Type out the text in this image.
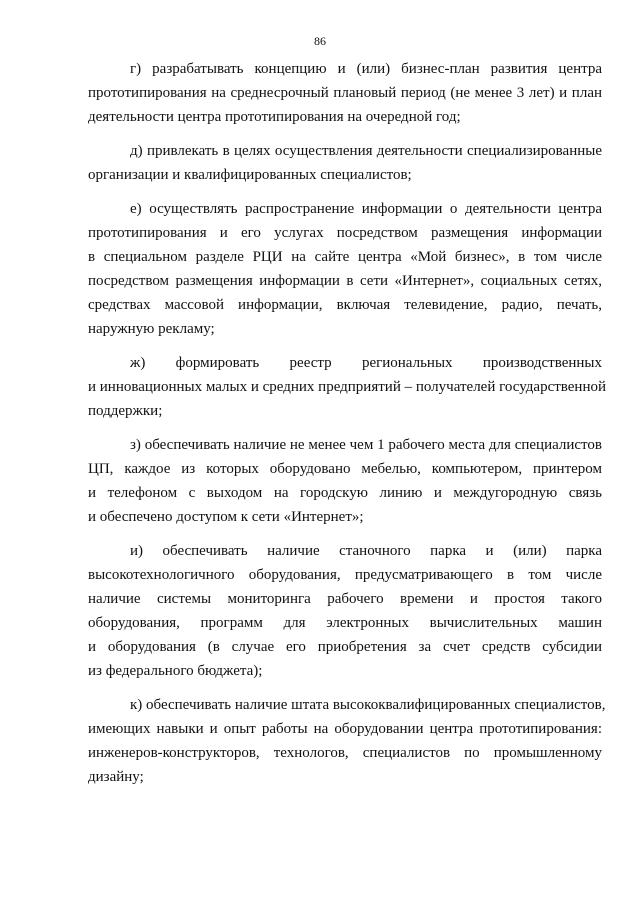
86

г) разрабатывать концепцию и (или) бизнес-план развития центра
прототипирования на среднесрочный плановый период (не менее 3 лет) и план
деятельности центра прототипирования на очередной год;

д) привлекать в целях осуществления деятельности специализированные
организации и квалифицированных специалистов;

е) осуществлять распространение информации о деятельности центра
прототипирования и его услугах посредством размещения информации
в специальном разделе РЦИ на сайте центра «Мой бизнес», в том числе
посредством размещения информации в сети «Интернет», социальных сетях,
средствах массовой информации, включая телевидение, радио, печать,
наружную рекламу;

ж) формировать реестр региональных производственных
и инновационных малых и средних предприятий – получателей государственной
поддержки;

з) обеспечивать наличие не менее чем 1 рабочего места для специалистов
ЦП, каждое из которых оборудовано мебелью, компьютером, принтером
и телефоном с выходом на городскую линию и междугородную связь
и обеспечено доступом к сети «Интернет»;

и) обеспечивать наличие станочного парка и (или) парка
высокотехнологичного оборудования, предусматривающего в том числе
наличие системы мониторинга рабочего времени и простоя такого
оборудования, программ для электронных вычислительных машин
и оборудования (в случае его приобретения за счет средств субсидии
из федерального бюджета);

к) обеспечивать наличие штата высококвалифицированных специалистов,
имеющих навыки и опыт работы на оборудовании центра прототипирования:
инженеров-конструкторов, технологов, специалистов по промышленному
дизайну;
